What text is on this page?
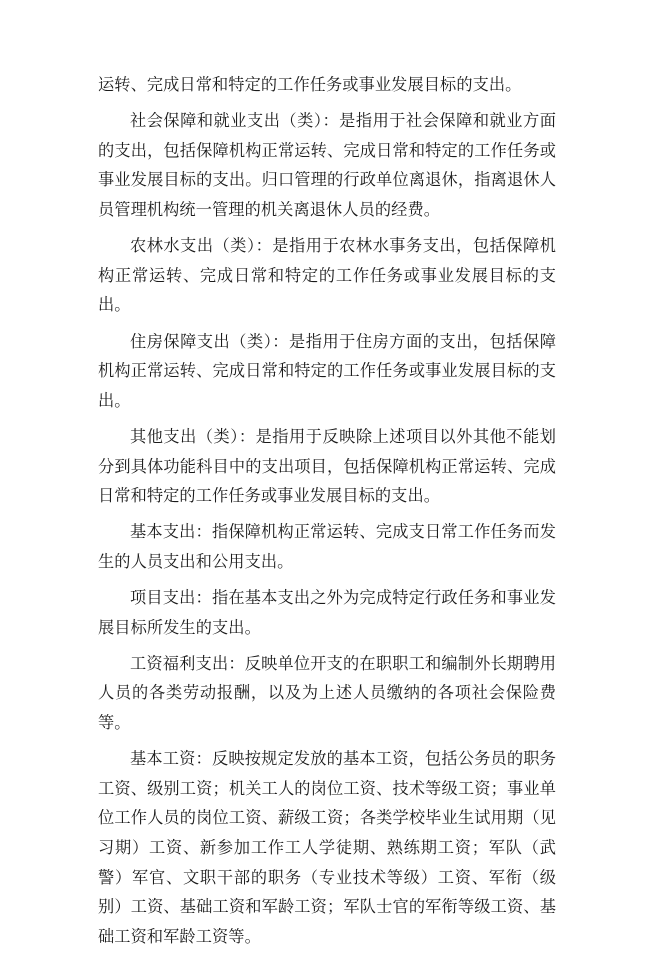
运转、完成日常和特定的工作任务或事业发展目标的支出。

社会保障和就业支出（类）：是指用于社会保障和就业方面的支出，包括保障机构正常运转、完成日常和特定的工作任务或事业发展目标的支出。归口管理的行政单位离退休，指离退休人员管理机构统一管理的机关离退休人员的经费。

农林水支出（类）：是指用于农林水事务支出，包括保障机构正常运转、完成日常和特定的工作任务或事业发展目标的支出。

住房保障支出（类）：是指用于住房方面的支出，包括保障机构正常运转、完成日常和特定的工作任务或事业发展目标的支出。

其他支出（类）：是指用于反映除上述项目以外其他不能划分到具体功能科目中的支出项目，包括保障机构正常运转、完成日常和特定的工作任务或事业发展目标的支出。

基本支出：指保障机构正常运转、完成支日常工作任务而发生的人员支出和公用支出。

项目支出：指在基本支出之外为完成特定行政任务和事业发展目标所发生的支出。

工资福利支出：反映单位开支的在职职工和编制外长期聘用人员的各类劳动报酬，以及为上述人员缴纳的各项社会保险费等。

基本工资：反映按规定发放的基本工资，包括公务员的职务工资、级别工资；机关工人的岗位工资、技术等级工资；事业单位工作人员的岗位工资、薪级工资；各类学校毕业生试用期（见习期）工资、新参加工作工人学徒期、熟练期工资；军队（武警）军官、文职干部的职务（专业技术等级）工资、军衔（级别）工资、基础工资和军龄工资；军队士官的军衔等级工资、基础工资和军龄工资等。
